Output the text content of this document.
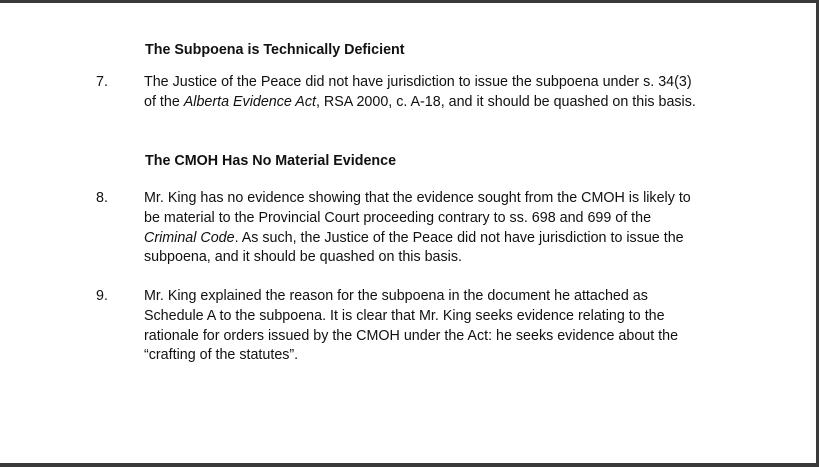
The Subpoena is Technically Deficient
7.	The Justice of the Peace did not have jurisdiction to issue the subpoena under s. 34(3)
of the Alberta Evidence Act, RSA 2000, c. A-18, and it should be quashed on this basis.
The CMOH Has No Material Evidence
8.	Mr. King has no evidence showing that the evidence sought from the CMOH is likely to
be material to the Provincial Court proceeding contrary to ss. 698 and 699 of the
Criminal Code. As such, the Justice of the Peace did not have jurisdiction to issue the
subpoena, and it should be quashed on this basis.
9.	Mr. King explained the reason for the subpoena in the document he attached as
Schedule A to the subpoena. It is clear that Mr. King seeks evidence relating to the
rationale for orders issued by the CMOH under the Act: he seeks evidence about the
“crafting of the statutes”.
